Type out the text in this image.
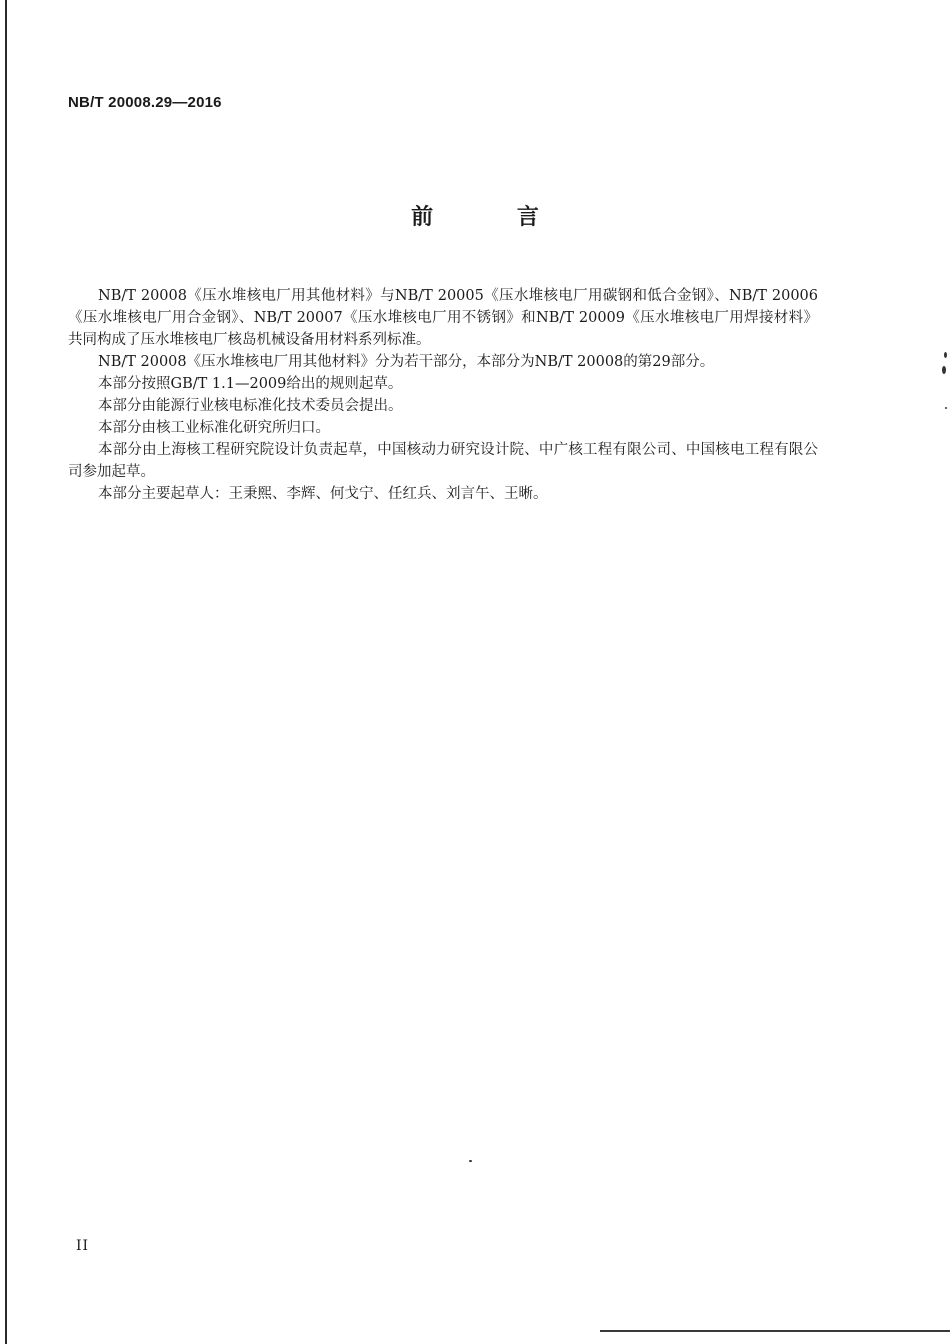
NB/T 20008.29—2016
前 言

NB/T 20008《压水堆核电厂用其他材料》与NB/T 20005《压水堆核电厂用碳钢和低合金钢》、NB/T 20006《压水堆核电厂用合金钢》、NB/T 20007《压水堆核电厂用不锈钢》和NB/T 20009《压水堆核电厂用焊接材料》共同构成了压水堆核电厂核岛机械设备用材料系列标准。

NB/T 20008《压水堆核电厂用其他材料》分为若干部分，本部分为NB/T 20008的第29部分。

本部分按照GB/T 1.1—2009给出的规则起草。

本部分由能源行业核电标准化技术委员会提出。

本部分由核工业标准化研究所归口。

本部分由上海核工程研究院设计负责起草，中国核动力研究设计院、中广核工程有限公司、中国核电工程有限公司参加起草。

本部分主要起草人：王秉熙、李辉、何戈宁、任红兵、刘言午、王晰。

II
